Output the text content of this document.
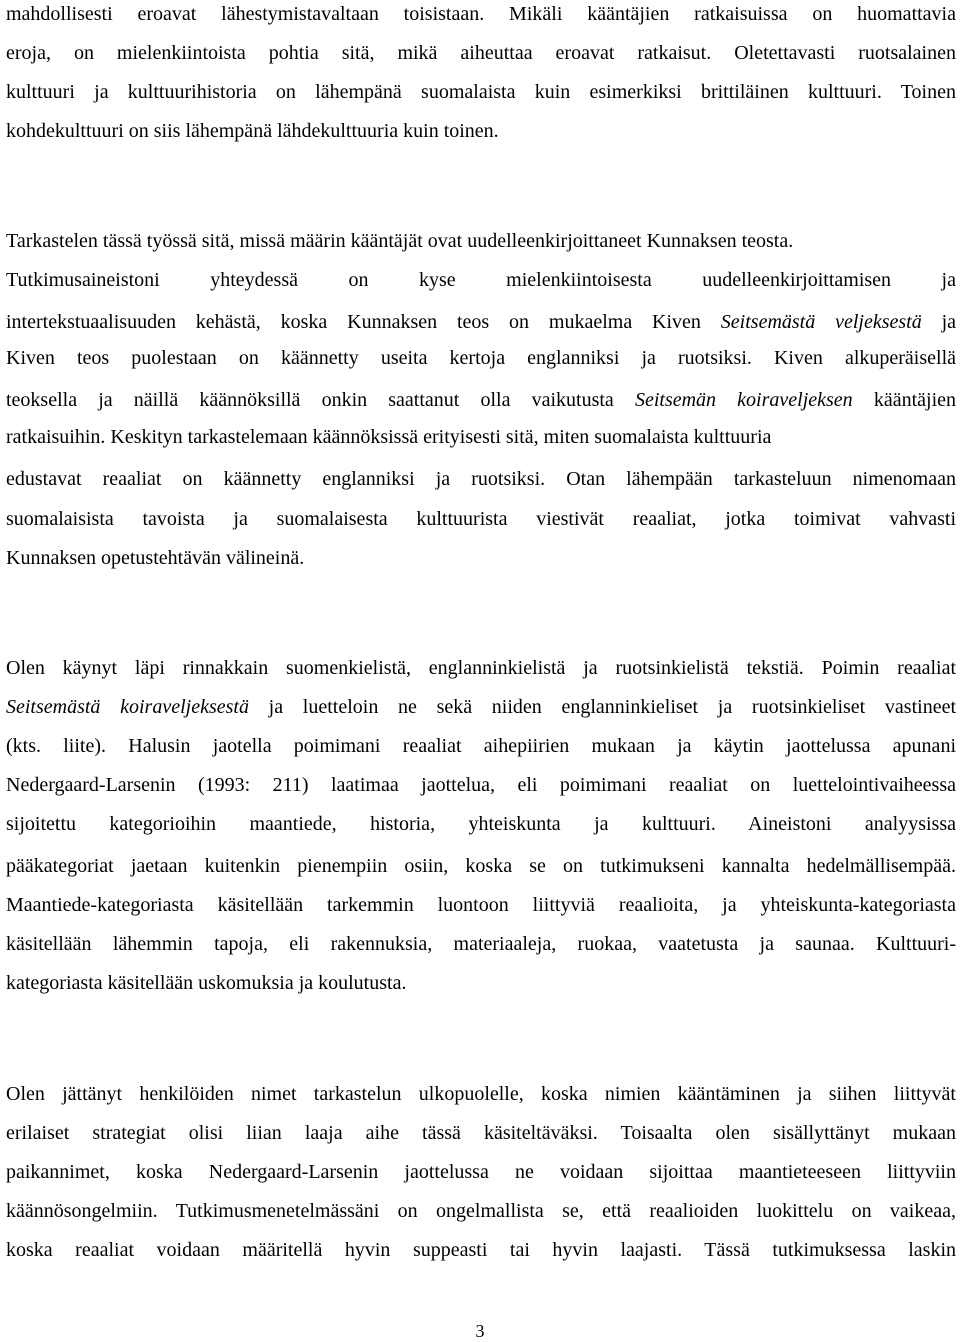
mahdollisesti eroavat lähestymistavaltaan toisistaan. Mikäli kääntäjien ratkaisuissa on huomattavia
eroja, on mielenkiintoista pohtia sitä, mikä aiheuttaa eroavat ratkaisut. Oletettavasti ruotsalainen
kulttuuri ja kulttuurihistoria on lähempänä suomalaista kuin esimerkiksi brittiläinen kulttuuri. Toinen
kohdekulttuuri on siis lähempänä lähdekulttuuria kuin toinen.
Tarkastelen tässä työssä sitä, missä määrin kääntäjät ovat uudelleenkirjoittaneet Kunnaksen teosta.
Tutkimusaineistoni yhteydessä on kyse mielenkiintoisesta uudelleenkirjoittamisen ja
intertekstuaalisuuden kehästä, koska Kunnaksen teos on mukaelma Kiven Seitsemästä veljeksestä ja
Kiven teos puolestaan on käännetty useita kertoja englanniksi ja ruotsiksi. Kiven alkuperäisellä
teoksella ja näillä käännöksillä onkin saattanut olla vaikutusta Seitsemän koiraveljeksen kääntäjien
ratkaisuihin. Keskityn tarkastelemaan käännöksissä erityisesti sitä, miten suomalaista kulttuuria
edustavat reaaliat on käännetty englanniksi ja ruotsiksi. Otan lähempään tarkasteluun nimenomaan
suomalaisista tavoista ja suomalaisesta kulttuurista viestivät reaaliat, jotka toimivat vahvasti
Kunnaksen opetustehtävän välineinä.
Olen käynyt läpi rinnakkain suomenkielistä, englanninkielistä ja ruotsinkielistä tekstiä. Poimin reaaliat
Seitsemästä koiraveljeksestä ja luetteloin ne sekä niiden englanninkieliset ja ruotsinkieliset vastineet
(kts. liite). Halusin jaotella poimimani reaaliat aihepiirien mukaan ja käytin jaottelussa apunani
Nedergaard-Larsenin (1993: 211) laatimaa jaottelua, eli poimimani reaaliat on luettelointivaiheessa
sijoitettu kategorioihin maantiede, historia, yhteiskunta ja kulttuuri. Aineistoni analyysissa
pääkategoriat jaetaan kuitenkin pienempiin osiin, koska se on tutkimukseni kannalta hedelmällisempää.
Maantiede-kategoriasta käsitellään tarkemmin luontoon liittyviä reaalioita, ja yhteiskunta-kategoriasta
käsitellään lähemmin tapoja, eli rakennuksia, materiaaleja, ruokaa, vaatetusta ja saunaa. Kulttuuri-
kategoriasta käsitellään uskomuksia ja koulutusta.
Olen jättänyt henkilöiden nimet tarkastelun ulkopuolelle, koska nimien kääntäminen ja siihen liittyvät
erilaiset strategiat olisi liian laaja aihe tässä käsiteltäväksi. Toisaalta olen sisällyttänyt mukaan
paikannimet, koska Nedergaard-Larsenin jaottelussa ne voidaan sijoittaa maantieteeseen liittyviin
käännösongelmiin. Tutkimusmenetelmässäni on ongelmallista se, että reaalioiden luokittelu on vaikeaa,
koska reaaliat voidaan määritellä hyvin suppeasti tai hyvin laajasti. Tässä tutkimuksessa laskin
3
